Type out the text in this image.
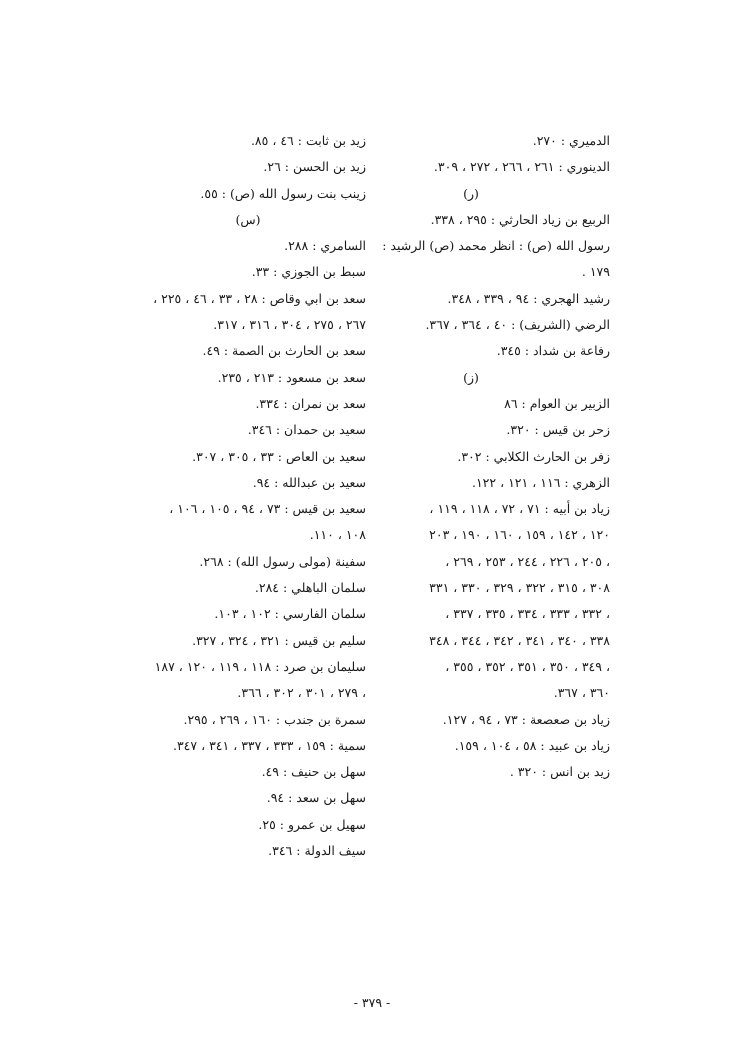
الدميري : ٢٧٠.
الدينوري : ٢٦١ ، ٢٦٦ ، ٢٧٢ ، ٣٠٩.
(ر)
الربيع بن زياد الحارثي : ٢٩٥ ، ٣٣٨.
رسول الله (ص) : انظر محمد (ص) الرشيد :
١٧٩ .
رشيد الهجري : ٩٤ ، ٣٣٩ ، ٣٤٨.
الرضي (الشريف) : ٤٠ ، ٣٦٤ ، ٣٦٧.
رفاعة بن شداد : ٣٤٥.
(ز)
الزبير بن العوام : ٨٦
زحر بن قيس : ٣٢٠.
زفر بن الحارث الكلابي : ٣٠٢.
الزهري : ١١٦ ، ١٢١ ، ١٢٢.
زياد بن أبيه : ٧١ ، ٧٢ ، ١١٨ ، ١١٩ ،
١٢٠ ، ١٤٢ ، ١٥٩ ، ١٦٠ ، ١٩٠ ، ٢٠٣
، ٢٠٥ ، ٢٢٦ ، ٢٤٤ ، ٢٥٣ ، ٢٦٩ ،
٣٠٨ ، ٣١٥ ، ٣٢٢ ، ٣٢٩ ، ٣٣٠ ، ٣٣١
، ٣٣٢ ، ٣٣٣ ، ٣٣٤ ، ٣٣٥ ، ٣٣٧ ،
٣٣٨ ، ٣٤٠ ، ٣٤١ ، ٣٤٢ ، ٣٤٤ ، ٣٤٨
، ٣٤٩ ، ٣٥٠ ، ٣٥١ ، ٣٥٢ ، ٣٥٥ ،
٣٦٠ ، ٣٦٧.
زياد بن صعصعة : ٧٣ ، ٩٤ ، ١٢٧.
زياد بن عبيد : ٥٨ ، ١٠٤ ، ١٥٩.
زيد بن انس : ٣٢٠ .
زيد بن ثابت : ٤٦ ، ٨٥.
زيد بن الحسن : ٢٦.
زينب بنت رسول الله (ص) : ٥٥.
(س)
السامري : ٢٨٨.
سبط بن الجوزي : ٣٣.
سعد بن ابي وقاص : ٢٨ ، ٣٣ ، ٤٦ ، ٢٢٥ ،
٢٦٧ ، ٢٧٥ ، ٣٠٤ ، ٣١٦ ، ٣١٧.
سعد بن الحارث بن الصمة : ٤٩.
سعد بن مسعود : ٢١٣ ، ٢٣٥.
سعد بن نمران : ٣٣٤.
سعيد بن حمدان : ٣٤٦.
سعيد بن العاص : ٣٣ ، ٣٠٥ ، ٣٠٧.
سعيد بن عبدالله : ٩٤.
سعيد بن قيس : ٧٣ ، ٩٤ ، ١٠٥ ، ١٠٦ ،
١٠٨ ، ١١٠.
سفينة (مولى رسول الله) : ٢٦٨.
سلمان الباهلي : ٢٨٤.
سلمان الفارسي : ١٠٢ ، ١٠٣.
سليم بن قيس : ٣٢١ ، ٣٢٤ ، ٣٢٧.
سليمان بن صرد : ١١٨ ، ١١٩ ، ١٢٠ ، ١٨٧
، ٢٧٩ ، ٣٠١ ، ٣٠٢ ، ٣٦٦.
سمرة بن جندب : ١٦٠ ، ٢٦٩ ، ٢٩٥.
سمية : ١٥٩ ، ٣٣٣ ، ٣٣٧ ، ٣٤١ ، ٣٤٧.
سهل بن حنيف : ٤٩.
سهل بن سعد : ٩٤.
سهيل بن عمرو : ٢٥.
سيف الدولة : ٣٤٦.
- ٣٧٩ -
